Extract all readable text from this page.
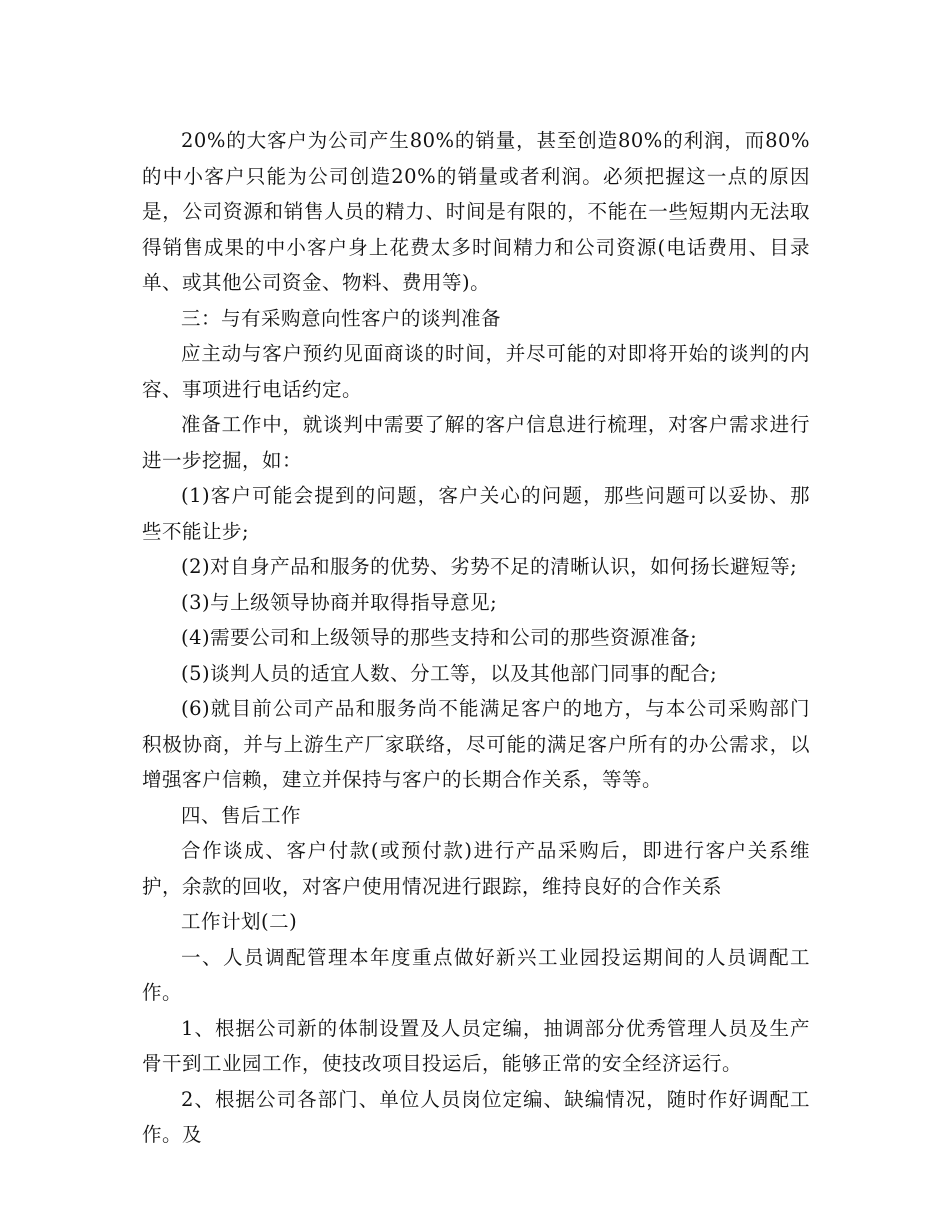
20%的大客户为公司产生80%的销量，甚至创造80%的利润，而80%的中小客户只能为公司创造20%的销量或者利润。必须把握这一点的原因是，公司资源和销售人员的精力、时间是有限的，不能在一些短期内无法取得销售成果的中小客户身上花费太多时间精力和公司资源(电话费用、目录单、或其他公司资金、物料、费用等)。

三：与有采购意向性客户的谈判准备

应主动与客户预约见面商谈的时间，并尽可能的对即将开始的谈判的内容、事项进行电话约定。

准备工作中，就谈判中需要了解的客户信息进行梳理，对客户需求进行进一步挖掘，如：

(1)客户可能会提到的问题，客户关心的问题，那些问题可以妥协、那些不能让步;

(2)对自身产品和服务的优势、劣势不足的清晰认识，如何扬长避短等;

(3)与上级领导协商并取得指导意见;

(4)需要公司和上级领导的那些支持和公司的那些资源准备;

(5)谈判人员的适宜人数、分工等，以及其他部门同事的配合;

(6)就目前公司产品和服务尚不能满足客户的地方，与本公司采购部门积极协商，并与上游生产厂家联络，尽可能的满足客户所有的办公需求，以增强客户信赖，建立并保持与客户的长期合作关系，等等。

四、售后工作

合作谈成、客户付款(或预付款)进行产品采购后，即进行客户关系维护，余款的回收，对客户使用情况进行跟踪，维持良好的合作关系

工作计划(二)

一、人员调配管理本年度重点做好新兴工业园投运期间的人员调配工作。

1、根据公司新的体制设置及人员定编，抽调部分优秀管理人员及生产骨干到工业园工作，使技改项目投运后，能够正常的安全经济运行。

2、根据公司各部门、单位人员岗位定编、缺编情况，随时作好调配工作。及
